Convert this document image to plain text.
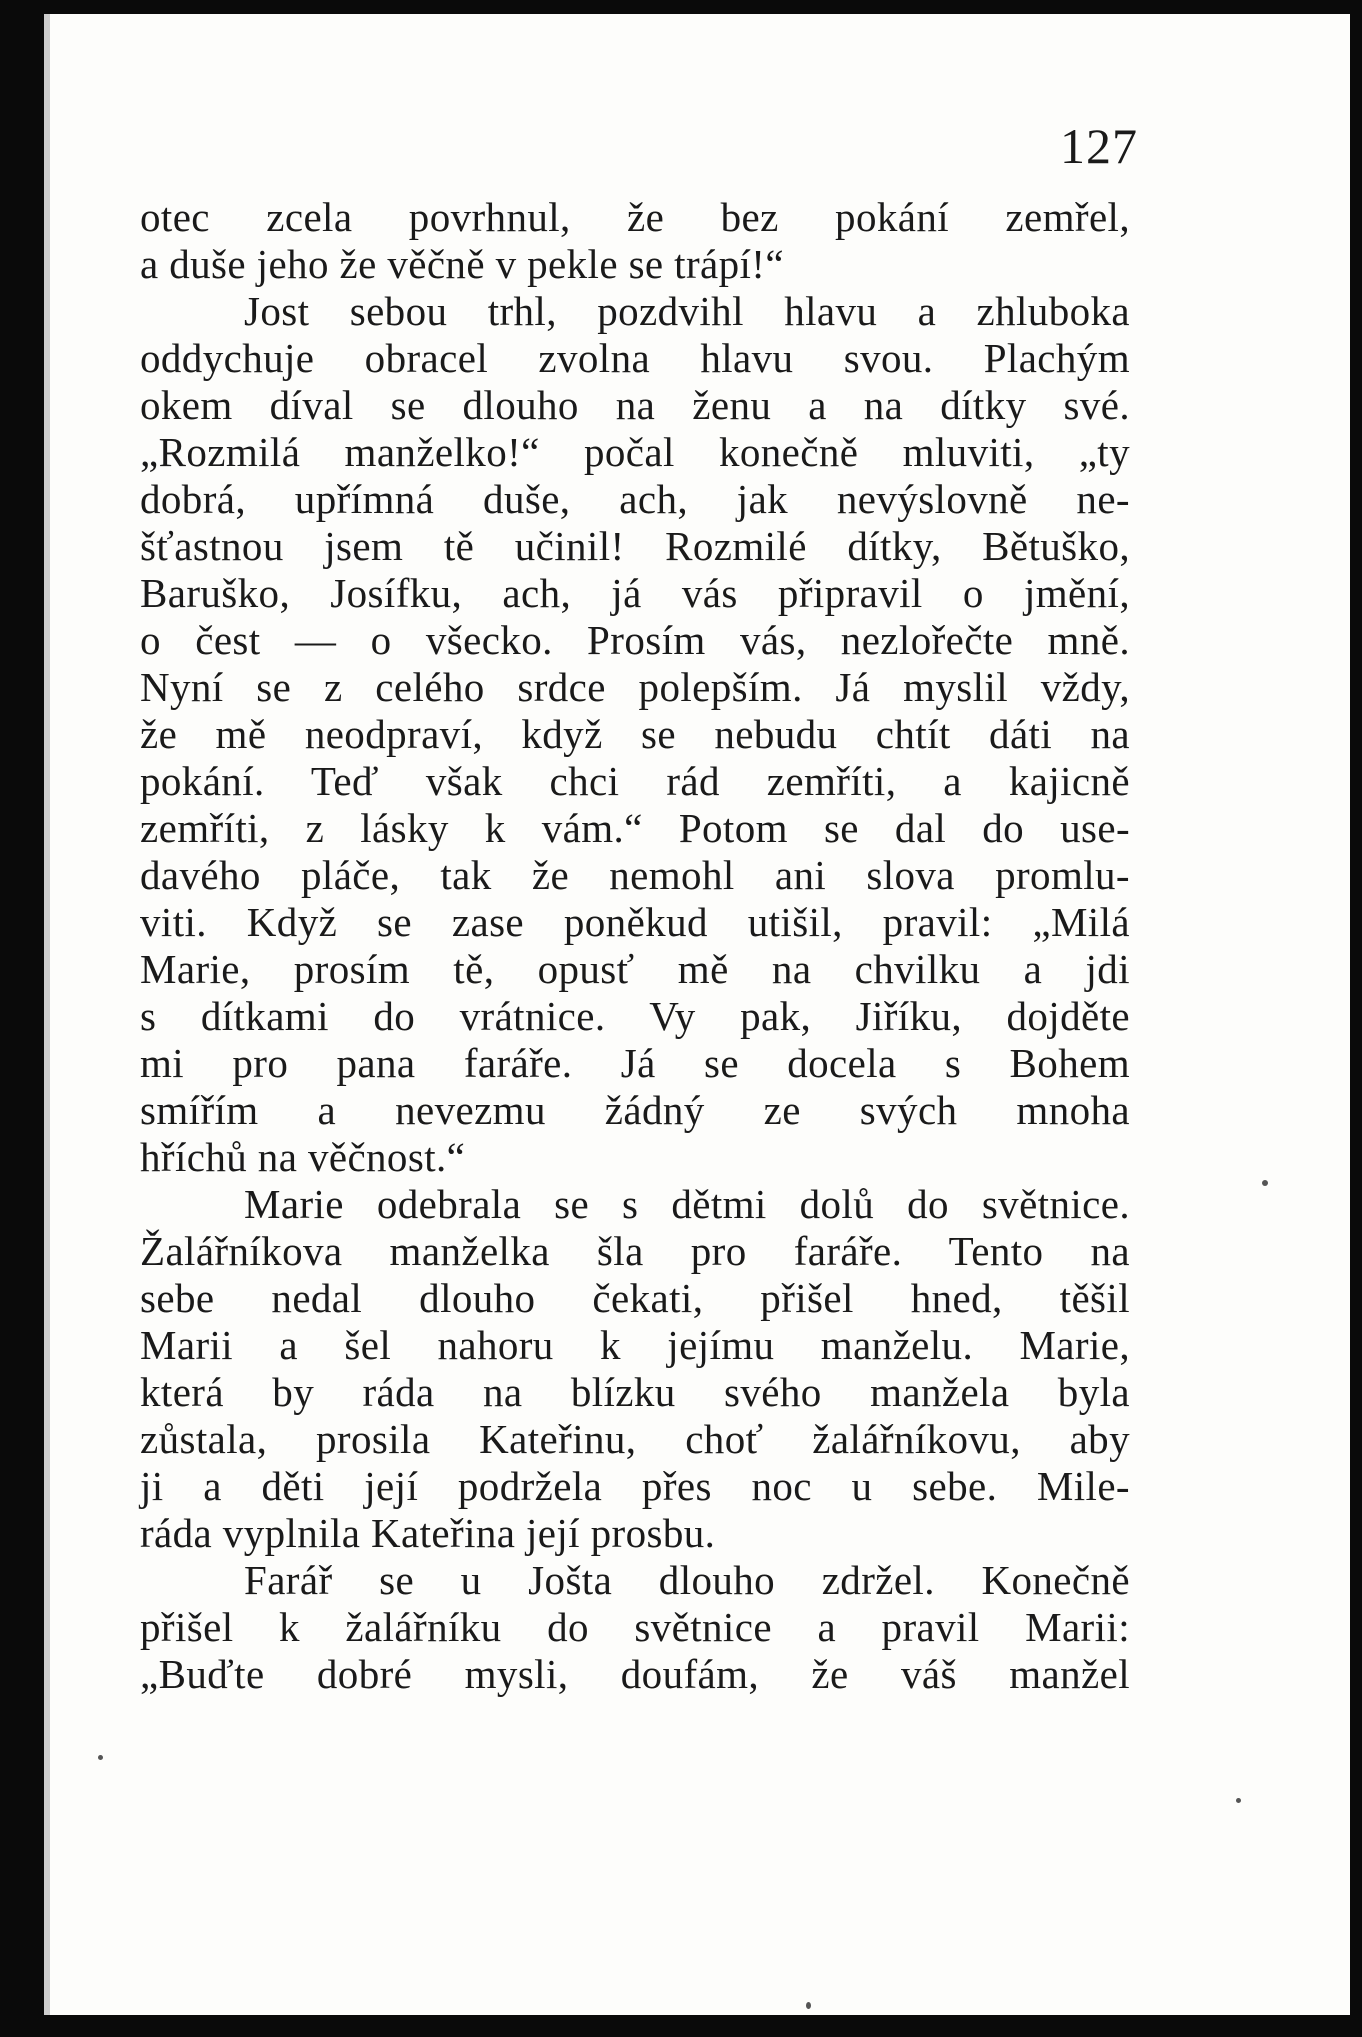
127
otec zcela povrhnul, že bez pokání zemřel,
a duše jeho že věčně v pekle se trápí!“
Jost sebou trhl, pozdvihl hlavu a zhluboka
oddychuje obracel zvolna hlavu svou. Plachým
okem díval se dlouho na ženu a na dítky své.
„Rozmilá manželko!“ počal konečně mluviti, „ty
dobrá, upřímná duše, ach, jak nevýslovně ne-
šťastnou jsem tě učinil! Rozmilé dítky, Bětuško,
Baruško, Josífku, ach, já vás připravil o jmění,
o čest — o všecko. Prosím vás, nezlořečte mně.
Nyní se z celého srdce polepším. Já myslil vždy,
že mě neodpraví, když se nebudu chtít dáti na
pokání. Teď však chci rád zemříti, a kajicně
zemříti, z lásky k vám.“ Potom se dal do use-
davého pláče, tak že nemohl ani slova promlu-
viti. Když se zase poněkud utišil, pravil: „Milá
Marie, prosím tě, opusť mě na chvilku a jdi
s dítkami do vrátnice. Vy pak, Jiříku, dojděte
mi pro pana faráře. Já se docela s Bohem
smířím a nevezmu žádný ze svých mnoha
hříchů na věčnost.“
Marie odebrala se s dětmi dolů do světnice.
Žalářníkova manželka šla pro faráře. Tento na
sebe nedal dlouho čekati, přišel hned, těšil
Marii a šel nahoru k jejímu manželu. Marie,
která by ráda na blízku svého manžela byla
zůstala, prosila Kateřinu, choť žalářníkovu, aby
ji a děti její podržela přes noc u sebe. Mile-
ráda vyplnila Kateřina její prosbu.
Farář se u Jošta dlouho zdržel. Konečně
přišel k žalářníku do světnice a pravil Marii:
„Buďte dobré mysli, doufám, že váš manžel
